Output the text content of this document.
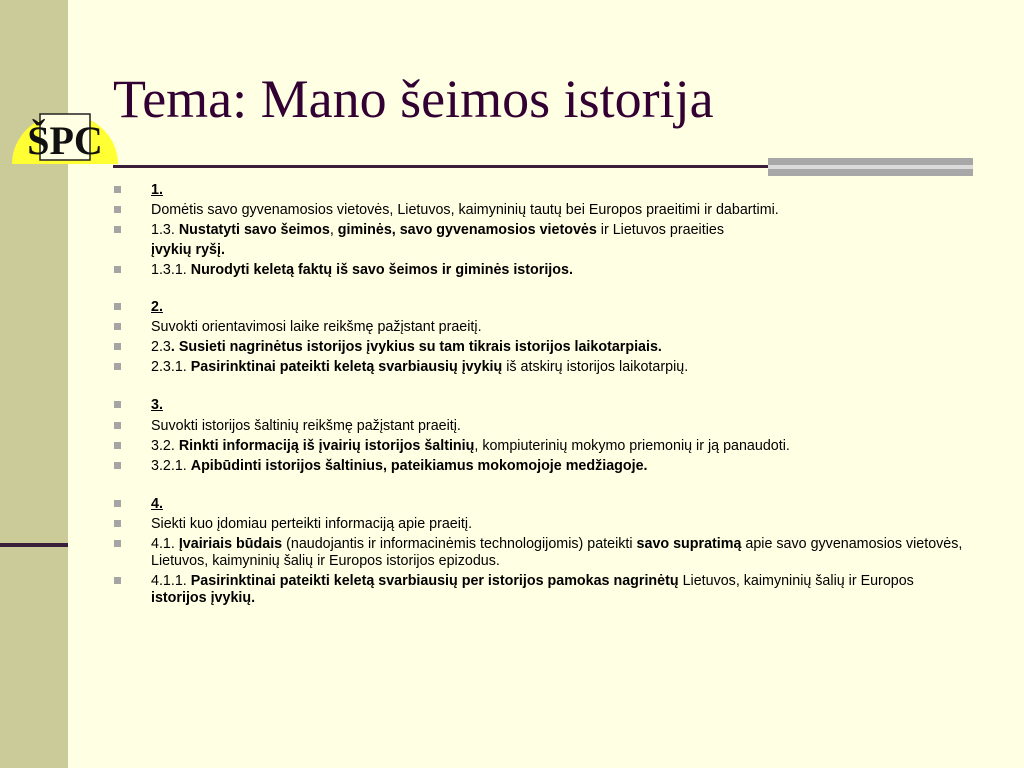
ŠPC
Tema: Mano šeimos istorija
1.
Domėtis savo gyvenamosios vietovės, Lietuvos, kaimyninių tautų bei Europos praeitimi ir dabartimi.
1.3. Nustatyti savo šeimos, giminės, savo gyvenamosios vietovės ir Lietuvos praeities
įvykių ryšį.
1.3.1. Nurodyti keletą faktų iš savo šeimos ir giminės istorijos.
2.
Suvokti orientavimosi laike reikšmę pažįstant praeitį.
2.3. Susieti nagrinėtus istorijos įvykius su tam tikrais istorijos laikotarpiais.
2.3.1. Pasirinktinai pateikti keletą svarbiausių įvykių iš atskirų istorijos laikotarpių.
3.
Suvokti istorijos šaltinių reikšmę pažįstant praeitį.
3.2. Rinkti informaciją iš įvairių istorijos šaltinių, kompiuterinių mokymo priemonių ir ją panaudoti.
3.2.1. Apibūdinti istorijos šaltinius, pateikiamus mokomojoje medžiagoje.
4.
Siekti kuo įdomiau perteikti informaciją apie praeitį.
4.1. Įvairiais būdais (naudojantis ir informacinėmis technologijomis) pateikti savo supratimą apie savo gyvenamosios vietovės, Lietuvos, kaimyninių šalių ir Europos istorijos epizodus.
4.1.1. Pasirinktinai pateikti keletą svarbiausių per istorijos pamokas nagrinėtų Lietuvos, kaimyninių šalių ir Europos istorijos įvykių.
